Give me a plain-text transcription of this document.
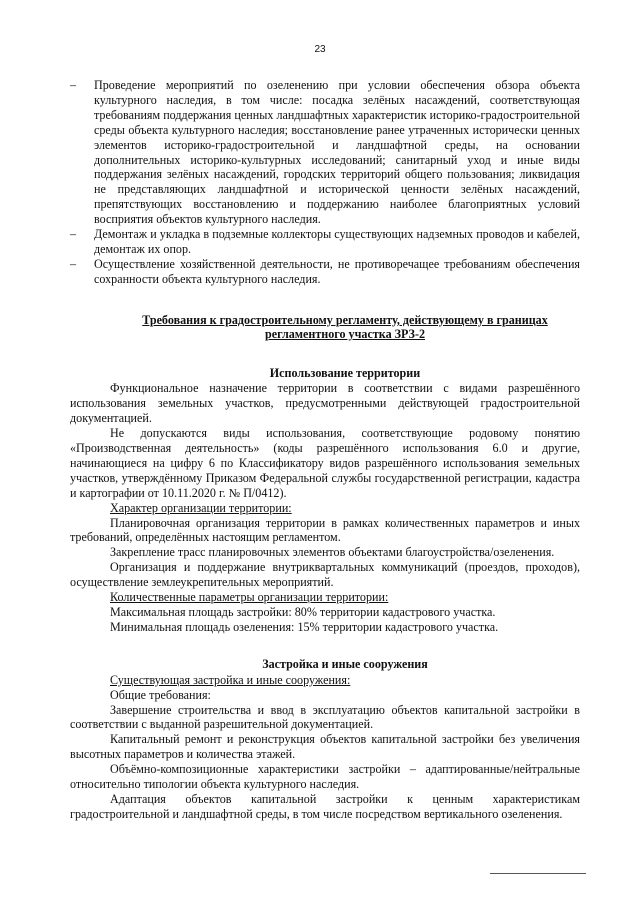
23
– Проведение мероприятий по озеленению при условии обеспечения обзора объекта культурного наследия, в том числе: посадка зелёных насаждений, соответствующая требованиям поддержания ценных ландшафтных характеристик историко-градостроительной среды объекта культурного наследия; восстановление ранее утраченных исторически ценных элементов историко-градостроительной и ландшафтной среды, на основании дополнительных историко-культурных исследований; санитарный уход и иные виды поддержания зелёных насаждений, городских территорий общего пользования; ликвидация не представляющих ландшафтной и исторической ценности зелёных насаждений, препятствующих восстановлению и поддержанию наиболее благоприятных условий восприятия объектов культурного наследия.
– Демонтаж и укладка в подземные коллекторы существующих надземных проводов и кабелей, демонтаж их опор.
– Осуществление хозяйственной деятельности, не противоречащее требованиям обеспечения сохранности объекта культурного наследия.
Требования к градостроительному регламенту, действующему в границах регламентного участка ЗРЗ-2
Использование территории

Функциональное назначение территории в соответствии с видами разрешённого использования земельных участков, предусмотренными действующей градостроительной документацией.

Не допускаются виды использования, соответствующие родовому понятию «Производственная деятельность» (коды разрешённого использования 6.0 и другие, начинающиеся на цифру 6 по Классификатору видов разрешённого использования земельных участков, утверждённому Приказом Федеральной службы государственной регистрации, кадастра и картографии от 10.11.2020 г. № П/0412).

Характер организации территории:

Планировочная организация территории в рамках количественных параметров и иных требований, определённых настоящим регламентом.

Закрепление трасс планировочных элементов объектами благоустройства/озеленения.

Организация и поддержание внутриквартальных коммуникаций (проездов, проходов), осуществление землеукрепительных мероприятий.

Количественные параметры организации территории:

Максимальная площадь застройки: 80% территории кадастрового участка.

Минимальная площадь озеленения: 15% территории кадастрового участка.

Застройка и иные сооружения

Существующая застройка и иные сооружения:

Общие требования:

Завершение строительства и ввод в эксплуатацию объектов капитальной застройки в соответствии с выданной разрешительной документацией.

Капитальный ремонт и реконструкция объектов капитальной застройки без увеличения высотных параметров и количества этажей.

Объёмно-композиционные характеристики застройки – адаптированные/нейтральные относительно типологии объекта культурного наследия.

Адаптация объектов капитальной застройки к ценным характеристикам градостроительной и ландшафтной среды, в том числе посредством вертикального озеленения.
